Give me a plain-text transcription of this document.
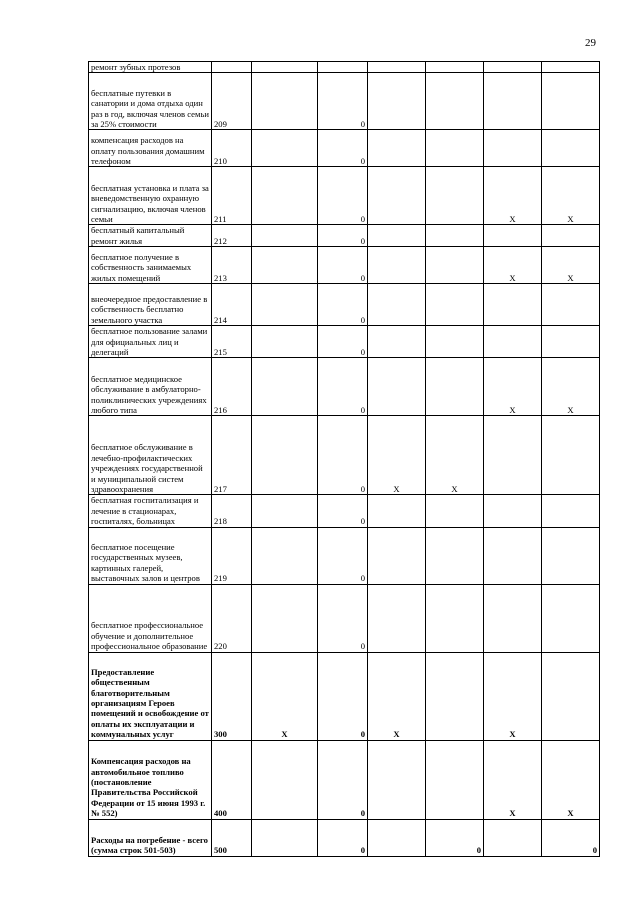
29
ремонт зубных протезов							
бесплатные путевки в санатории и дома отдыха один раз в год, включая членов семьи за 25% стоимости	209		0				
компенсация расходов на оплату пользования домашним телефоном	210		0				
бесплатная установка и плата за вневедомственную охранную сигнализацию, включая членов семьи	211		0			Х	Х
бесплатный капитальный ремонт жилья	212		0				
бесплатное получение в собственность занимаемых жилых помещений	213		0			Х	Х
внеочередное предоставление в собственность бесплатно земельного участка	214		0				
бесплатное пользование залами для официальных лиц и делегаций	215		0				
бесплатное медицинское обслуживание в амбулаторно-поликлинических учреждениях любого типа	216		0			Х	Х
бесплатное обслуживание в лечебно-профилактических учреждениях государственной и муниципальной систем здравоохранения	217		0	Х	Х		
бесплатная госпитализация и лечение в стационарах, госпиталях, больницах	218		0				
бесплатное посещение государственных музеев, картинных галерей, выставочных залов и центров	219		0				
бесплатное профессиональное обучение и дополнительное профессиональное образование	220		0				
Предоставление общественным благотворительным организациям Героев помещений и освобождение от оплаты их эксплуатации и коммунальных услуг	300	Х	0	Х		Х	
Компенсация расходов на автомобильное топливо (постановление Правительства Российской Федерации от 15 июня 1993 г. № 552)	400		0			Х	Х
Расходы на погребение - всего (сумма строк 501-503)	500		0		0		0
